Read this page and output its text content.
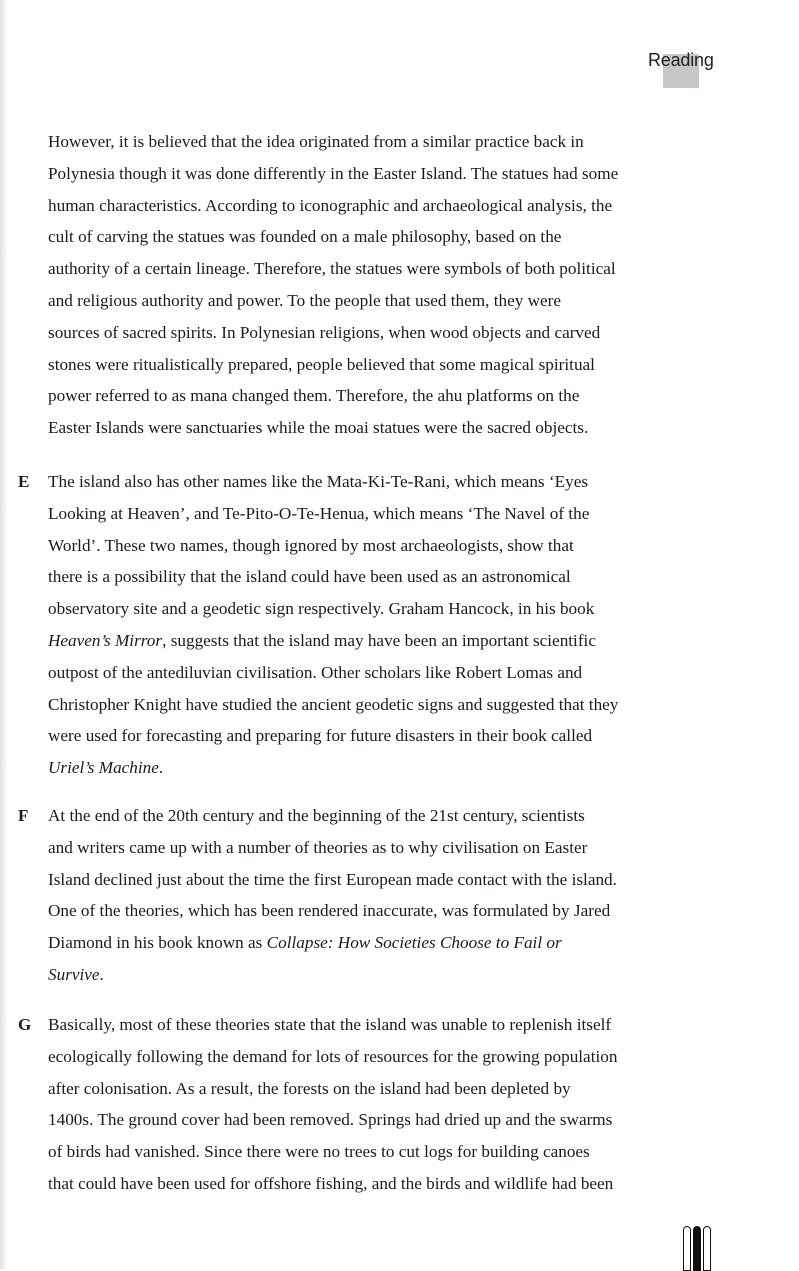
Reading
However, it is believed that the idea originated from a similar practice back in
Polynesia though it was done differently in the Easter Island. The statues had some
human characteristics. According to iconographic and archaeological analysis, the
cult of carving the statues was founded on a male philosophy, based on the
authority of a certain lineage. Therefore, the statues were symbols of both political
and religious authority and power. To the people that used them, they were
sources of sacred spirits. In Polynesian religions, when wood objects and carved
stones were ritualistically prepared, people believed that some magical spiritual
power referred to as mana changed them. Therefore, the ahu platforms on the
Easter Islands were sanctuaries while the moai statues were the sacred objects.
E The island also has other names like the Mata-Ki-Te-Rani, which means ‘Eyes
Looking at Heaven’, and Te-Pito-O-Te-Henua, which means ‘The Navel of the
World’. These two names, though ignored by most archaeologists, show that
there is a possibility that the island could have been used as an astronomical
observatory site and a geodetic sign respectively. Graham Hancock, in his book
Heaven’s Mirror, suggests that the island may have been an important scientific
outpost of the antediluvian civilisation. Other scholars like Robert Lomas and
Christopher Knight have studied the ancient geodetic signs and suggested that they
were used for forecasting and preparing for future disasters in their book called
Uriel’s Machine.
F At the end of the 20th century and the beginning of the 21st century, scientists
and writers came up with a number of theories as to why civilisation on Easter
Island declined just about the time the first European made contact with the island.
One of the theories, which has been rendered inaccurate, was formulated by Jared
Diamond in his book known as Collapse: How Societies Choose to Fail or
Survive.
G Basically, most of these theories state that the island was unable to replenish itself
ecologically following the demand for lots of resources for the growing population
after colonisation. As a result, the forests on the island had been depleted by
1400s. The ground cover had been removed. Springs had dried up and the swarms
of birds had vanished. Since there were no trees to cut logs for building canoes
that could have been used for offshore fishing, and the birds and wildlife had been
